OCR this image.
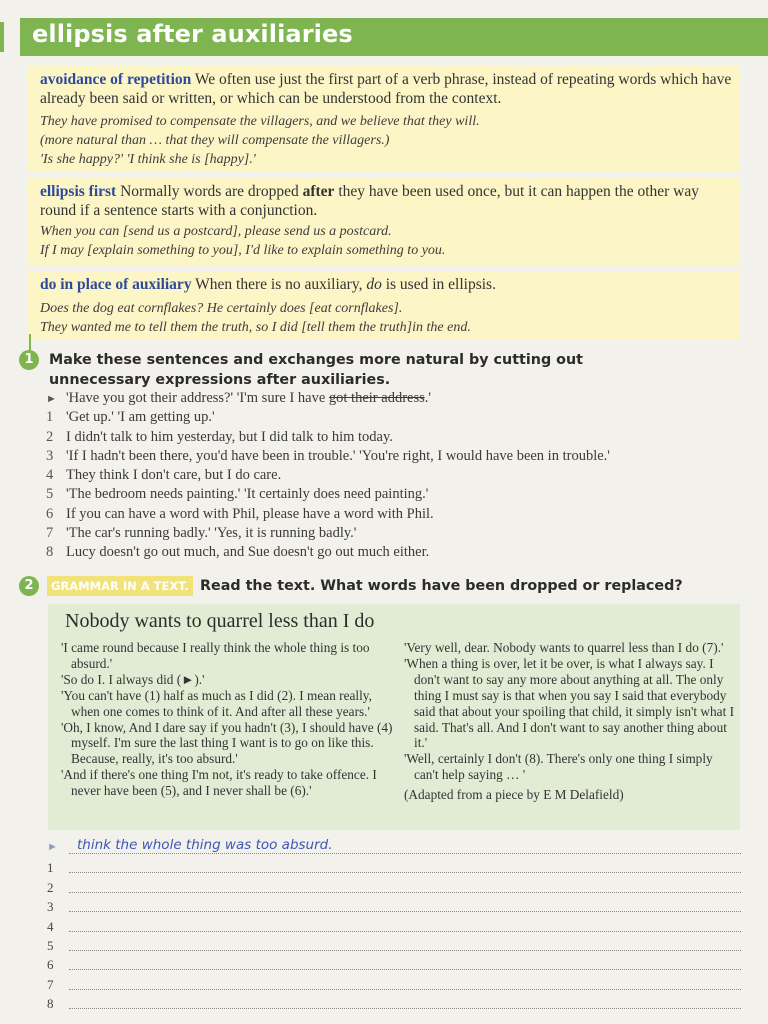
ellipsis after auxiliaries
avoidance of repetition We often use just the first part of a verb phrase, instead of repeating words which have already been said or written, or which can be understood from the context.
They have promised to compensate the villagers, and we believe that they will.
(more natural than … that they will compensate the villagers.)
'Is she happy?' 'I think she is [happy].'
ellipsis first Normally words are dropped after they have been used once, but it can happen the other way round if a sentence starts with a conjunction.
When you can [send us a postcard], please send us a postcard.
If I may [explain something to you], I'd like to explain something to you.
do in place of auxiliary When there is no auxiliary, do is used in ellipsis.
Does the dog eat cornflakes? He certainly does [eat cornflakes].
They wanted me to tell them the truth, so I did [tell them the truth]in the end.
1	Make these sentences and exchanges more natural by cutting out unnecessary expressions after auxiliaries.
► 'Have you got their address?' 'I'm sure I have got their address.'
1 'Get up.' 'I am getting up.'
2 I didn't talk to him yesterday, but I did talk to him today.
3 'If I hadn't been there, you'd have been in trouble.' 'You're right, I would have been in trouble.'
4 They think I don't care, but I do care.
5 'The bedroom needs painting.' 'It certainly does need painting.'
6 If you can have a word with Phil, please have a word with Phil.
7 'The car's running badly.' 'Yes, it is running badly.'
8 Lucy doesn't go out much, and Sue doesn't go out much either.
2	GRAMMAR IN A TEXT. Read the text. What words have been dropped or replaced?
Nobody wants to quarrel less than I do

'I came round because I really think the whole thing is too absurd.'

'So do I. I always did (►).'

'You can't have (1) half as much as I did (2). I mean really, when one comes to think of it. And after all these years.'

'Oh, I know, And I dare say if you hadn't (3), I should have (4) myself. I'm sure the last thing I want is to go on like this. Because, really, it's too absurd.'

'And if there's one thing I'm not, it's ready to take offence. I never have been (5), and I never shall be (6).'

'Very well, dear. Nobody wants to quarrel less than I do (7).'

'When a thing is over, let it be over, is what I always say. I don't want to say any more about anything at all. The only thing I must say is that when you say I said that everybody said that about your spoiling that child, it simply isn't what I said. That's all. And I don't want to say another thing about it.'

'Well, certainly I don't (8). There's only one thing I simply can't help saying … '

(Adapted from a piece by E M Delafield)

► think the whole thing was too absurd.
1
2
3
4
5
6
7
8
